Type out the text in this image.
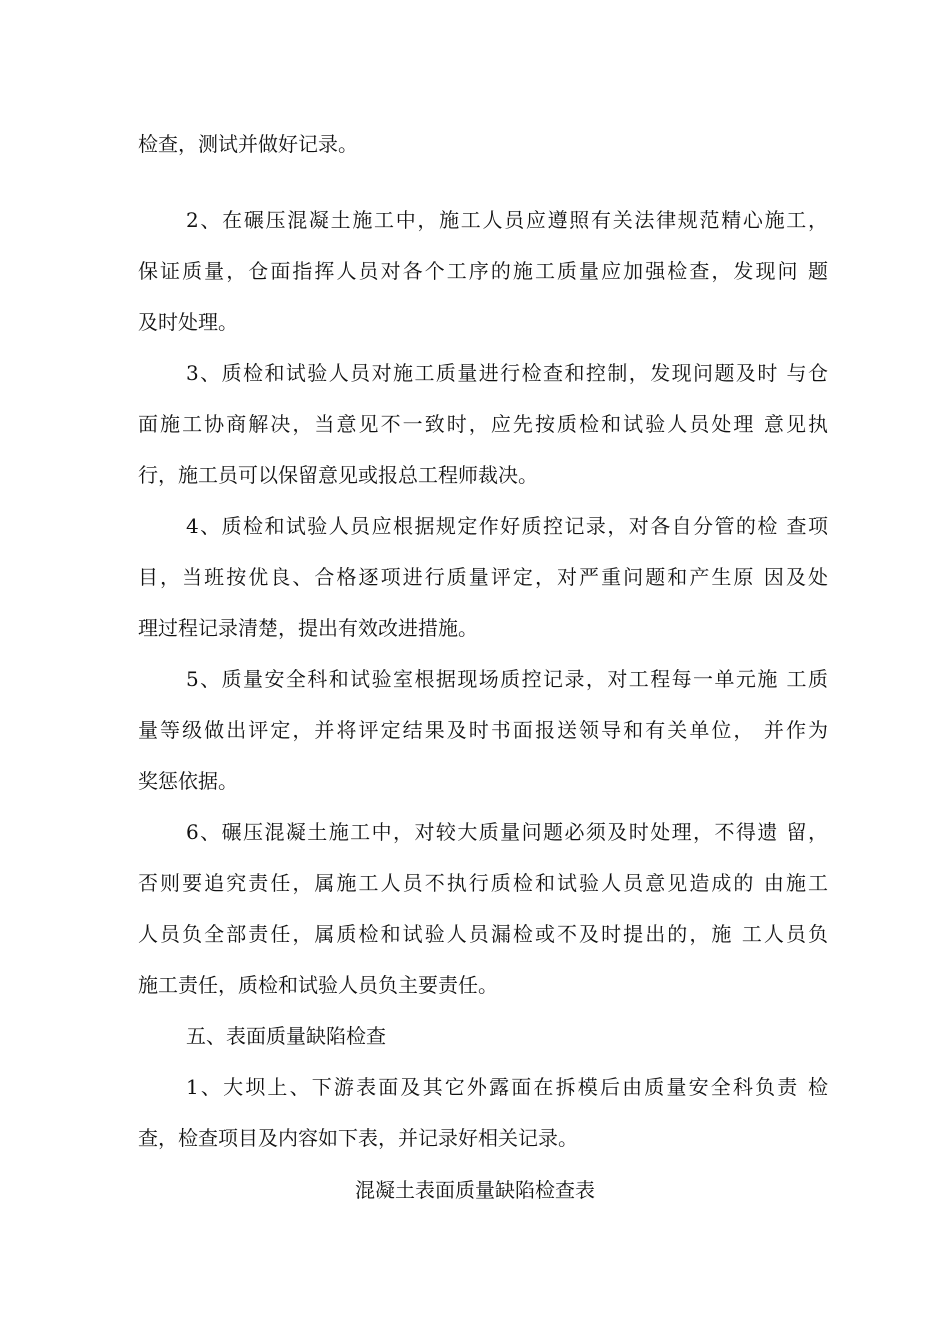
检查，测试并做好记录。
2、在碾压混凝土施工中，施工人员应遵照有关法律规范精心施工，
保证质量，仓面指挥人员对各个工序的施工质量应加强检查，发现问 题
及时处理。
3、质检和试验人员对施工质量进行检查和控制，发现问题及时 与仓
面施工协商解决，当意见不一致时，应先按质检和试验人员处理 意见执
行，施工员可以保留意见或报总工程师裁决。
4、质检和试验人员应根据规定作好质控记录，对各自分管的检 查项
目，当班按优良、合格逐项进行质量评定，对严重问题和产生原 因及处
理过程记录清楚，提出有效改进措施。
5、质量安全科和试验室根据现场质控记录，对工程每一单元施 工质
量等级做出评定，并将评定结果及时书面报送领导和有关单位， 并作为
奖惩依据。
6、碾压混凝土施工中，对较大质量问题必须及时处理，不得遗 留，
否则要追究责任，属施工人员不执行质检和试验人员意见造成的 由施工
人员负全部责任，属质检和试验人员漏检或不及时提出的，施 工人员负
施工责任，质检和试验人员负主要责任。
五、表面质量缺陷检查
1、大坝上、下游表面及其它外露面在拆模后由质量安全科负责 检
查，检查项目及内容如下表，并记录好相关记录。
混凝土表面质量缺陷检查表
